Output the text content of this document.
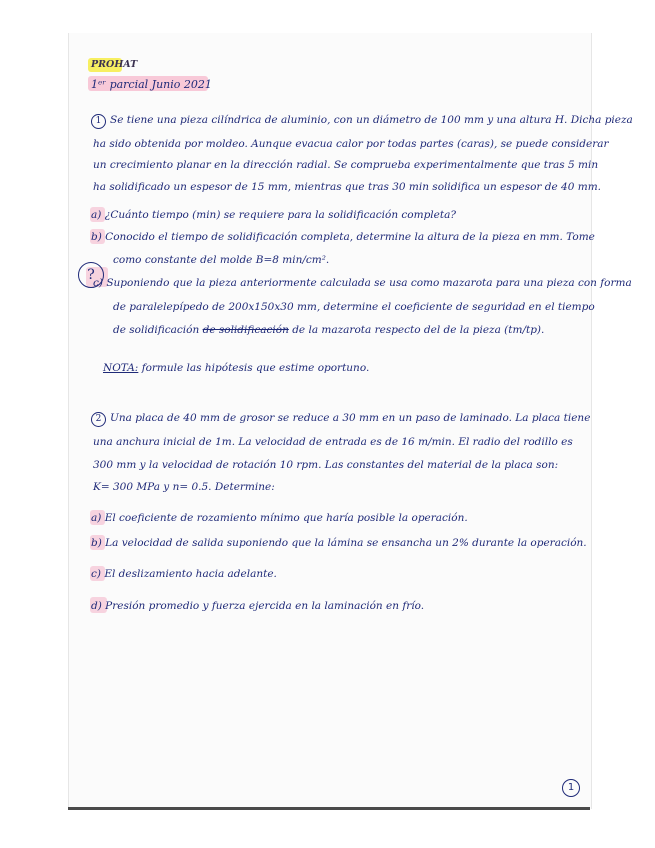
PROHAT
1ᵉʳ parcial Junio 2021
1 Se tiene una pieza cilíndrica de aluminio, con un diámetro de 100 mm y una altura H. Dicha pieza
ha sido obtenida por moldeo. Aunque evacua calor por todas partes (caras), se puede considerar
un crecimiento planar en la dirección radial. Se comprueba experimentalmente que tras 5 min
ha solidificado un espesor de 15 mm, mientras que tras 30 min solidifica un espesor de 40 mm.
a) ¿Cuánto tiempo (min) se requiere para la solidificación completa?
b) Conocido el tiempo de solidificación completa, determine la altura de la pieza en mm. Tome
como constante del molde B=8 min/cm².
?
c) Suponiendo que la pieza anteriormente calculada se usa como mazarota para una pieza con forma
de paralelepípedo de 200x150x30 mm, determine el coeficiente de seguridad en el tiempo
de solidificación de solidificación de la mazarota respecto del de la pieza (tm/tp).
NOTA: formule las hipótesis que estime oportuno.
2 Una placa de 40 mm de grosor se reduce a 30 mm en un paso de laminado. La placa tiene
una anchura inicial de 1m. La velocidad de entrada es de 16 m/min. El radio del rodillo es
300 mm y la velocidad de rotación 10 rpm. Las constantes del material de la placa son:
K= 300 MPa y n= 0.5. Determine:
a) El coeficiente de rozamiento mínimo que haría posible la operación.
b) La velocidad de salida suponiendo que la lámina se ensancha un 2% durante la operación.
c) El deslizamiento hacia adelante.
d) Presión promedio y fuerza ejercida en la laminación en frío.
1
